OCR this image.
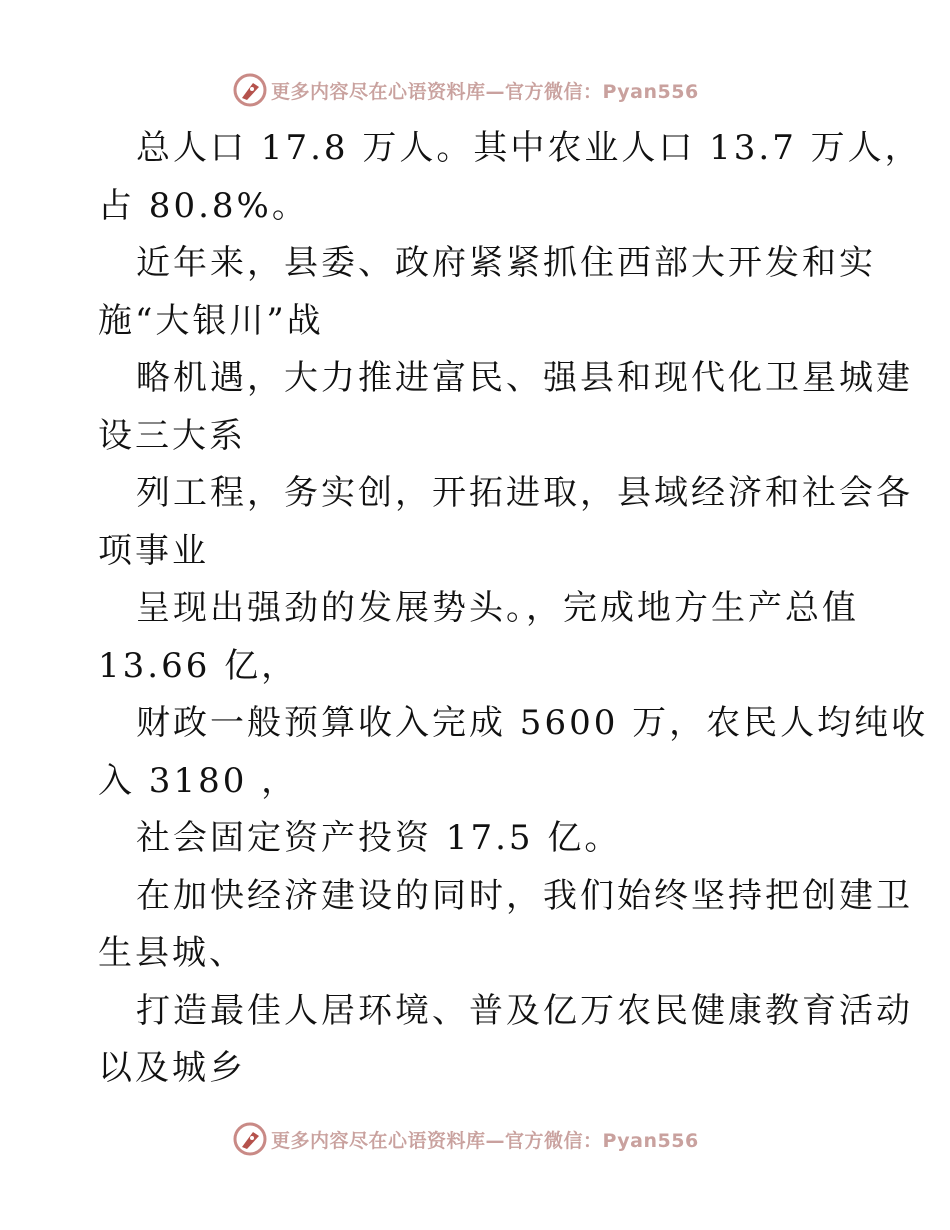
更多内容尽在心语资料库—官方微信：Pyan556
总人口 17.8 万人。其中农业人口 13.7 万人，
占 80.8%。
近年来，县委、政府紧紧抓住西部大开发和实
施“大银川”战
略机遇，大力推进富民、强县和现代化卫星城建
设三大系
列工程，务实创，开拓进取，县域经济和社会各
项事业
呈现出强劲的发展势头。，完成地方生产总值
13.66 亿，
财政一般预算收入完成 5600 万，农民人均纯收
入 3180 ，
社会固定资产投资 17.5 亿。
在加快经济建设的同时，我们始终坚持把创建卫
生县城、
打造最佳人居环境、普及亿万农民健康教育活动
以及城乡
更多内容尽在心语资料库—官方微信：Pyan556
